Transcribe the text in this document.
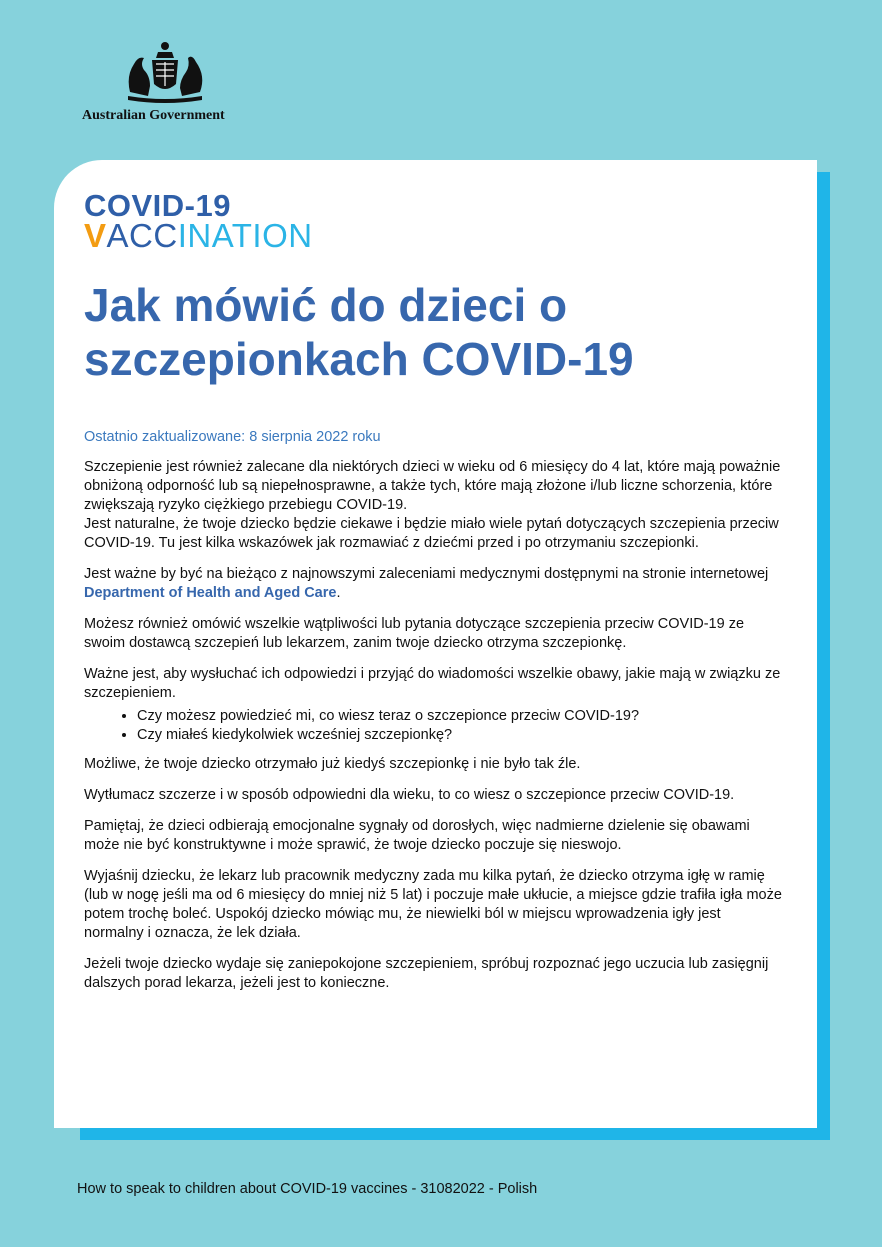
Australian Government
COVID-19
VACCINATION
Jak mówić do dzieci o szczepionkach COVID-19

Ostatnio zaktualizowane: 8 sierpnia 2022 roku

Szczepienie jest również zalecane dla niektórych dzieci w wieku od 6 miesięcy do 4 lat, które mają poważnie obniżoną odporność lub są niepełnosprawne, a także tych, które mają złożone i/lub liczne schorzenia, które zwiększają ryzyko ciężkiego przebiegu COVID-19.

Jest naturalne, że twoje dziecko będzie ciekawe i będzie miało wiele pytań dotyczących szczepienia przeciw COVID-19. Tu jest kilka wskazówek jak rozmawiać z dziećmi przed i po otrzymaniu szczepionki.

Jest ważne by być na bieżąco z najnowszymi zaleceniami medycznymi dostępnymi na stronie internetowej Department of Health and Aged Care.

Możesz również omówić wszelkie wątpliwości lub pytania dotyczące szczepienia przeciw COVID-19 ze swoim dostawcą szczepień lub lekarzem, zanim twoje dziecko otrzyma szczepionkę.

Ważne jest, aby wysłuchać ich odpowiedzi i przyjąć do wiadomości wszelkie obawy, jakie mają w związku ze szczepieniem.

• Czy możesz powiedzieć mi, co wiesz teraz o szczepionce przeciw COVID-19?
• Czy miałeś kiedykolwiek wcześniej szczepionkę?

Możliwe, że twoje dziecko otrzymało już kiedyś szczepionkę i nie było tak źle.

Wytłumacz szczerze i w sposób odpowiedni dla wieku, to co wiesz o szczepionce przeciw COVID-19.

Pamiętaj, że dzieci odbierają emocjonalne sygnały od dorosłych, więc nadmierne dzielenie się obawami może nie być konstruktywne i może sprawić, że twoje dziecko poczuje się nieswojo.

Wyjaśnij dziecku, że lekarz lub pracownik medyczny zada mu kilka pytań, że dziecko otrzyma igłę w ramię (lub w nogę jeśli ma od 6 miesięcy do mniej niż 5 lat) i poczuje małe ukłucie, a miejsce gdzie trafiła igła może potem trochę boleć. Uspokój dziecko mówiąc mu, że niewielki ból w miejscu wprowadzenia igły jest normalny i oznacza, że lek działa.

Jeżeli twoje dziecko wydaje się zaniepokojone szczepieniem, spróbuj rozpoznać jego uczucia lub zasięgnij dalszych porad lekarza, jeżeli jest to konieczne.

How to speak to children about COVID-19 vaccines - 31082022 - Polish
